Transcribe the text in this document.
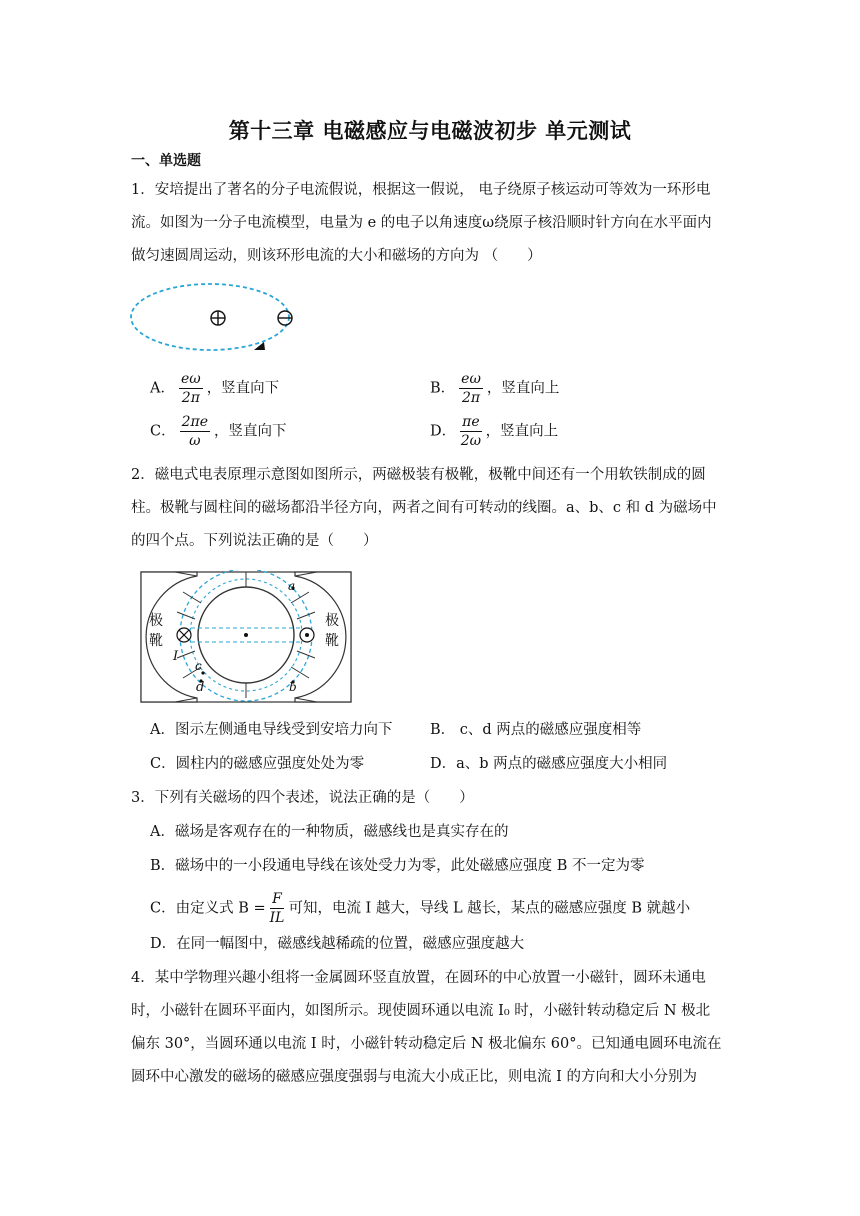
第十三章 电磁感应与电磁波初步 单元测试
一、单选题
1．安培提出了著名的分子电流假说，根据这一假说， 电子绕原子核运动可等效为一环形电
流。如图为一分子电流模型，电量为 e 的电子以角速度ω绕原子核沿顺时针方向在水平面内
做匀速圆周运动，则该环形电流的大小和磁场的方向为 （　　）
A． $\frac{e\omega}{2\pi}$ ，竖直向下	B． $\frac{e\omega}{2\pi}$ ，竖直向上
C． $\frac{2\pi e}{\omega}$ ，竖直向下	D． $\frac{\pi e}{2\omega}$ ，竖直向上
2．磁电式电表原理示意图如图所示，两磁极装有极靴，极靴中间还有一个用软铁制成的圆
柱。极靴与圆柱间的磁场都沿半径方向，两者之间有可转动的线圈。a、b、c 和 d 为磁场中
的四个点。下列说法正确的是（　　）
极
靴
极
靴
a
b
c
d
I
A．图示左侧通电导线受到安培力向下	B． c、d 两点的磁感应强度相等
C．圆柱内的磁感应强度处处为零	D．a、b 两点的磁感应强度大小相同
3．下列有关磁场的四个表述，说法正确的是（　　）
A．磁场是客观存在的一种物质，磁感线也是真实存在的
B．磁场中的一小段通电导线在该处受力为零，此处磁感应强度 B 不一定为零
C．由定义式 $B = \frac{F}{IL}$ 可知，电流 I 越大，导线 L 越长，某点的磁感应强度 B 就越小
D．在同一幅图中，磁感线越稀疏的位置，磁感应强度越大
4．某中学物理兴趣小组将一金属圆环竖直放置，在圆环的中心放置一小磁针，圆环未通电
时，小磁针在圆环平面内，如图所示。现使圆环通以电流 I₀ 时，小磁针转动稳定后 N 极北
偏东 30°，当圆环通以电流 I 时，小磁针转动稳定后 N 极北偏东 60°。已知通电圆环电流在
圆环中心激发的磁场的磁感应强度强弱与电流大小成正比，则电流 I 的方向和大小分别为
